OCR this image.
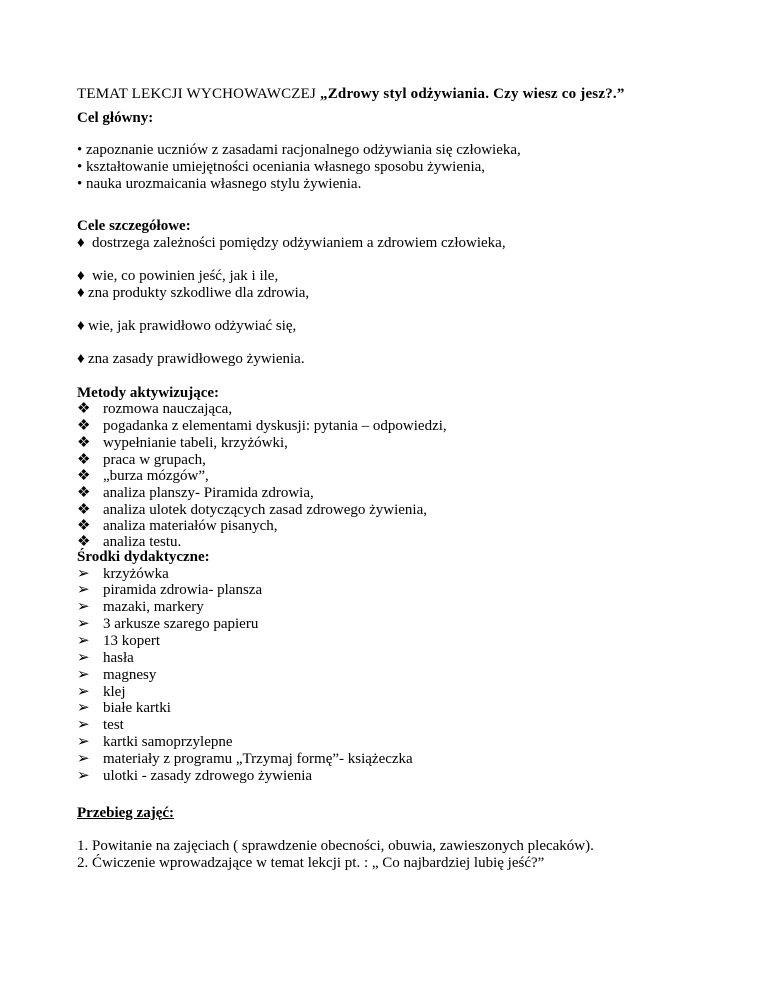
TEMAT LEKCJI WYCHOWAWCZEJ „Zdrowy styl odżywiania. Czy wiesz co jesz?.”
Cel główny:
• zapoznanie uczniów z zasadami racjonalnego odżywiania się człowieka,
• kształtowanie umiejętności oceniania własnego sposobu żywienia,
• nauka urozmaicania własnego stylu żywienia.
Cele szczegółowe:
♦ dostrzega zależności pomiędzy odżywianiem a zdrowiem człowieka,
♦ wie, co powinien jeść, jak i ile,
♦ zna produkty szkodliwe dla zdrowia,
♦ wie, jak prawidłowo odżywiać się,
♦ zna zasady prawidłowego żywienia.
Metody aktywizujące:
❖ rozmowa nauczająca,
❖ pogadanka z elementami dyskusji: pytania – odpowiedzi,
❖ wypełnianie tabeli, krzyżówki,
❖ praca w grupach,
❖ „burza mózgów”,
❖ analiza planszy- Piramida zdrowia,
❖ analiza ulotek dotyczących zasad zdrowego żywienia,
❖ analiza materiałów pisanych,
❖ analiza testu.
Środki dydaktyczne:
➢ krzyżówka
➢ piramida zdrowia- plansza
➢ mazaki, markery
➢ 3 arkusze szarego papieru
➢ 13 kopert
➢ hasła
➢ magnesy
➢ klej
➢ białe kartki
➢ test
➢ kartki samoprzylepne
➢ materiały z programu „Trzymaj formę”- książeczka
➢ ulotki - zasady zdrowego żywienia
Przebieg zajęć:
1. Powitanie na zajęciach ( sprawdzenie obecności, obuwia, zawieszonych plecaków).
2. Ćwiczenie wprowadzające w temat lekcji pt. : „ Co najbardziej lubię jeść?”
